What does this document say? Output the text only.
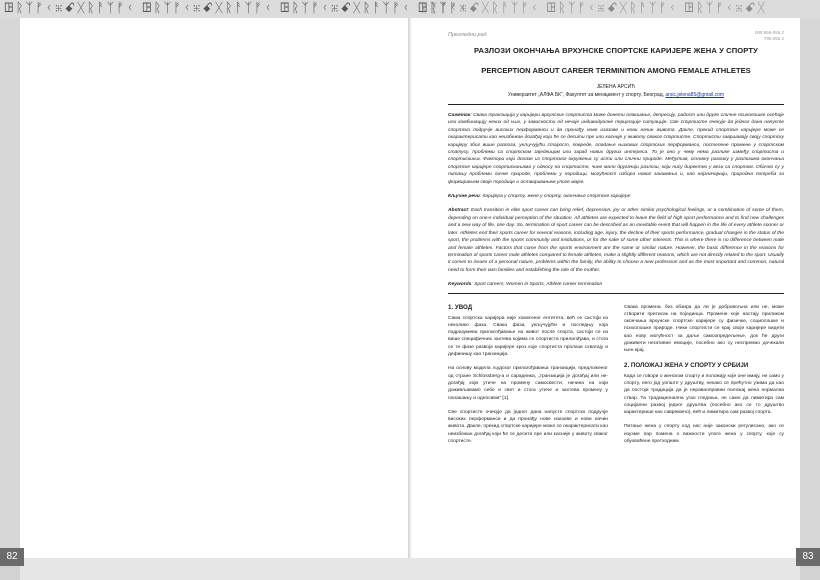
ꖸᚱᛉᚠᚲ⁜ꗃᚷᚱᚨᛉᚠᚲ ꖸᚱᛉᚠᚲ⁜ꗃᚷᚱᚨᛉᚠᚲ ꖸᚱᛉᚠᚲ⁜ꗃᚷᚱᚨᛉᚠᚲ ꖸᚱᛉᚠᚲ
ᚱᛉᚠᚲ⁜ꗃᚷᚱᚨᛉᚠᚲ ꖸᚱᛉᚠᚲ⁜ꗃᚷᚱᚨᛉᚠᚲ ꖸᚱᛉᚠᚲ⁜ꗃᚷ
82	83
Прегледни рад	005.966-055.2
796.055.2
РАЗЛОЗИ ОКОНЧАЊА ВРХУНСКЕ СПОРТСКЕ КАРИЈЕРЕ ЖЕНА У СПОРТУ
PERCEPTION ABOUT CAREER TERMINITION AMONG FEMALE ATHLETES
ЈЕЛЕНА АРСИЋ
Универзитет „АЛФА БК“, Факултет за менаџмент у спорту, Београд, arsic.jelena85@gmail.com

Сажетак: Свака транзиција у каријери врхунских спортиста може донети олакшање, депресију, радост или друге сличне психолошке осећаје или комбинацију неких од њих, у зависности од нечије индивидуалне перцепције ситуације. Све спортисте очекује да једног дана напусте спортско подручје високих перформанси и да пронађу нове изазове и нови начин живота. Дакле, прекид спортске каријере може се окарактерисати као неизбежан догађај који ће се десити пре или касније у животу сваког спортисте. Спортисти завршавају своју спортску каријеру због више разлога, укључујући старост, повреде, опадање њихових спортских перформанси, постепене промене у спортском статусу, проблеми са спортском заједницом или зарад нових других интереса. То је оно у чему нема разлике између спортиста и спортискиња. Фактори који долазе из спортског окружења су исти или слични природе. Међутим, основну разлику у разлозима окончања спортске каријере спортискињама у односу на спортисте, чине мало другачији разлози, који нису директно у вези са спортом. Обично су у питању проблеми личне природе, проблеми у породици, могућност избора новог занимања и, као најзначајнији, природна потреба за формирањем своје породице и остваривањем улоге мајке.

Кључне речи: Каријера у спорту, жене у спорту, окончање спортске каријере

Abstract: Each transition in elite sport career can bring relief, depression, joy or other similar psychological feelings, or a combination of some of them, depending on one›s individual perception of the situation. All athletes are expected to leave the field of high sport performance and to find new challenges and a new way of life, one day. So, termination of sport career can be described as an inevitable event that will happen in the life of every athlete sooner or later. Athletes end their sports career for several reasons, including age, injury, the decline of their sports performance, gradual changes in the status of the sport, the problems with the sports community and institutions, or for the sake of some other interests. This is where there is no difference between male and female athletes. Factors that come from the sports environment are the same or similar nature. However, the basic difference in the reasons for termination of sports career male athletes compared to female athletes, make a slightly different reasons, which are not directly related to the sport. Usually it comes to issues of a personal nature, problems within the family, the ability to choose a new profession and as the most important and common, natural need to form their own families and establishing the role of the mother.

Keywords: Sport careers, Women in Sports, Athlete career termination

1. УВОД

Сама спортска каријера није хомогеног ентитета, већ се састоји из неколико фаза. Свака фаза, укључујући и последњу која подразумева прилагођавање на живот после спорта, састоји се из више специфичних захтева којима се спортиста прилагођава, и стога се те фазе развоја каријере кроз које спортиста пролази схватају и дефинишу као транзиција.

На основу модела људског прилагођавања транзицији, предложеног од стране Schlossberg-а и сарадника, „транзиција је догађај или не-догађај који утиче на промену самосвести, начина на који доживљавамо себе и свет и стога утиче и захтева промену у понашању и односима“ [1].

Све спортисте очекује да једног дана напусте спортско подручје високих перформанси и да пронађу нове изазове и нови начин живота. Дакле, прекид спортске каријере може се окарактерисати као неизбежан догађај који ће се десити пре или касније у животу сваког спортисте.

Свака промена, без обзира да ли је добровољна или не, може створити притисак на појединца. Промене које настају приликом окончања врхунске спортске каријере су физичке, социолошке и психолошке природе. Неки спортисти се крај своје каријере видети као нову могућност за даље самоопредељење, док ће други доживети негативне емоције, посебно ако су неспремно дочекали њен крај.

2. ПОЛОЖАЈ ЖЕНА У СПОРТУ У СРБИЈИ

Када се говори о женском спорту и положају које оне имају, не само у спорту, него јод уопште у друштву, некако се прећутно узима да као да постоји традиција да је неравноправни положај жена нормална ствар. Та традиционална угао гледања, не само да лимитира сам социјални развој једног друштва (посебно ако се то друштво карактерише као савремено), већ и лимитира сам развој спорта.

Питање жена у спорту код нас није законски регулисано, ако се изузме пар помена о важности улоге жена у спорту, које су обухваћене претходним
